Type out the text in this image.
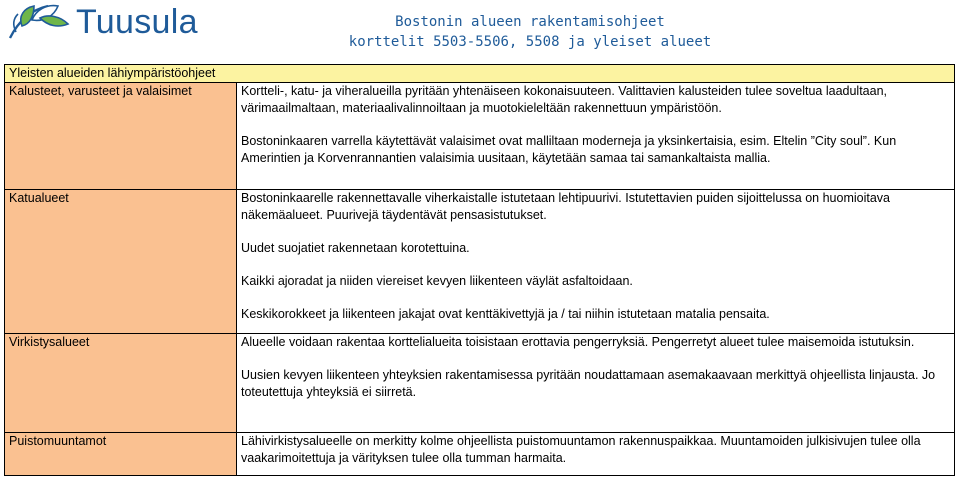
Tuusula	Bostonin alueen rakentamisohjeet
korttelit 5503-5506, 5508 ja yleiset alueet
Yleisten alueiden lähiympäristöohjeet	
Kalusteet, varusteet ja valaisimet	Kortteli-, katu- ja viheralueilla pyritään yhtenäiseen kokonaisuuteen. Valittavien kalusteiden tulee soveltua laadultaan, värimaailmaltaan, materiaalivalinnoiltaan ja muotokieleltään rakennettuun ympäristöön.

Bostoninkaaren varrella käytettävät valaisimet ovat malliltaan moderneja ja yksinkertaisia, esim. Eltelin ”City soul”. Kun Amerintien ja Korvenrannantien valaisimia uusitaan, käytetään samaa tai samankaltaista mallia.

Katualueet	Bostoninkaarelle rakennettavalle viherkaistalle istutetaan lehtipuurivi. Istutettavien puiden sijoittelussa on huomioitava näkemäalueet. Puurivejä täydentävät pensasistutukset.

Uudet suojatiet rakennetaan korotettuina.

Kaikki ajoradat ja niiden viereiset kevyen liikenteen väylät asfaltoidaan.

Keskikorokkeet ja liikenteen jakajat ovat kenttäkivettyjä ja / tai niihin istutetaan matalia pensaita.

Virkistysalueet	Alueelle voidaan rakentaa korttelialueita toisistaan erottavia pengerryksiä. Pengerretyt alueet tulee maisemoida istutuksin.

Uusien kevyen liikenteen yhteyksien rakentamisessa pyritään noudattamaan asemakaavaan merkittyä ohjeellista linjausta. Jo toteutettuja yhteyksiä ei siirretä.

Puistomuuntamot	Lähivirkistysalueelle on merkitty kolme ohjeellista puistomuuntamon rakennuspaikkaa. Muuntamoiden julkisivujen tulee olla vaakarimoitettuja ja värityksen tulee olla tumman harmaita.
